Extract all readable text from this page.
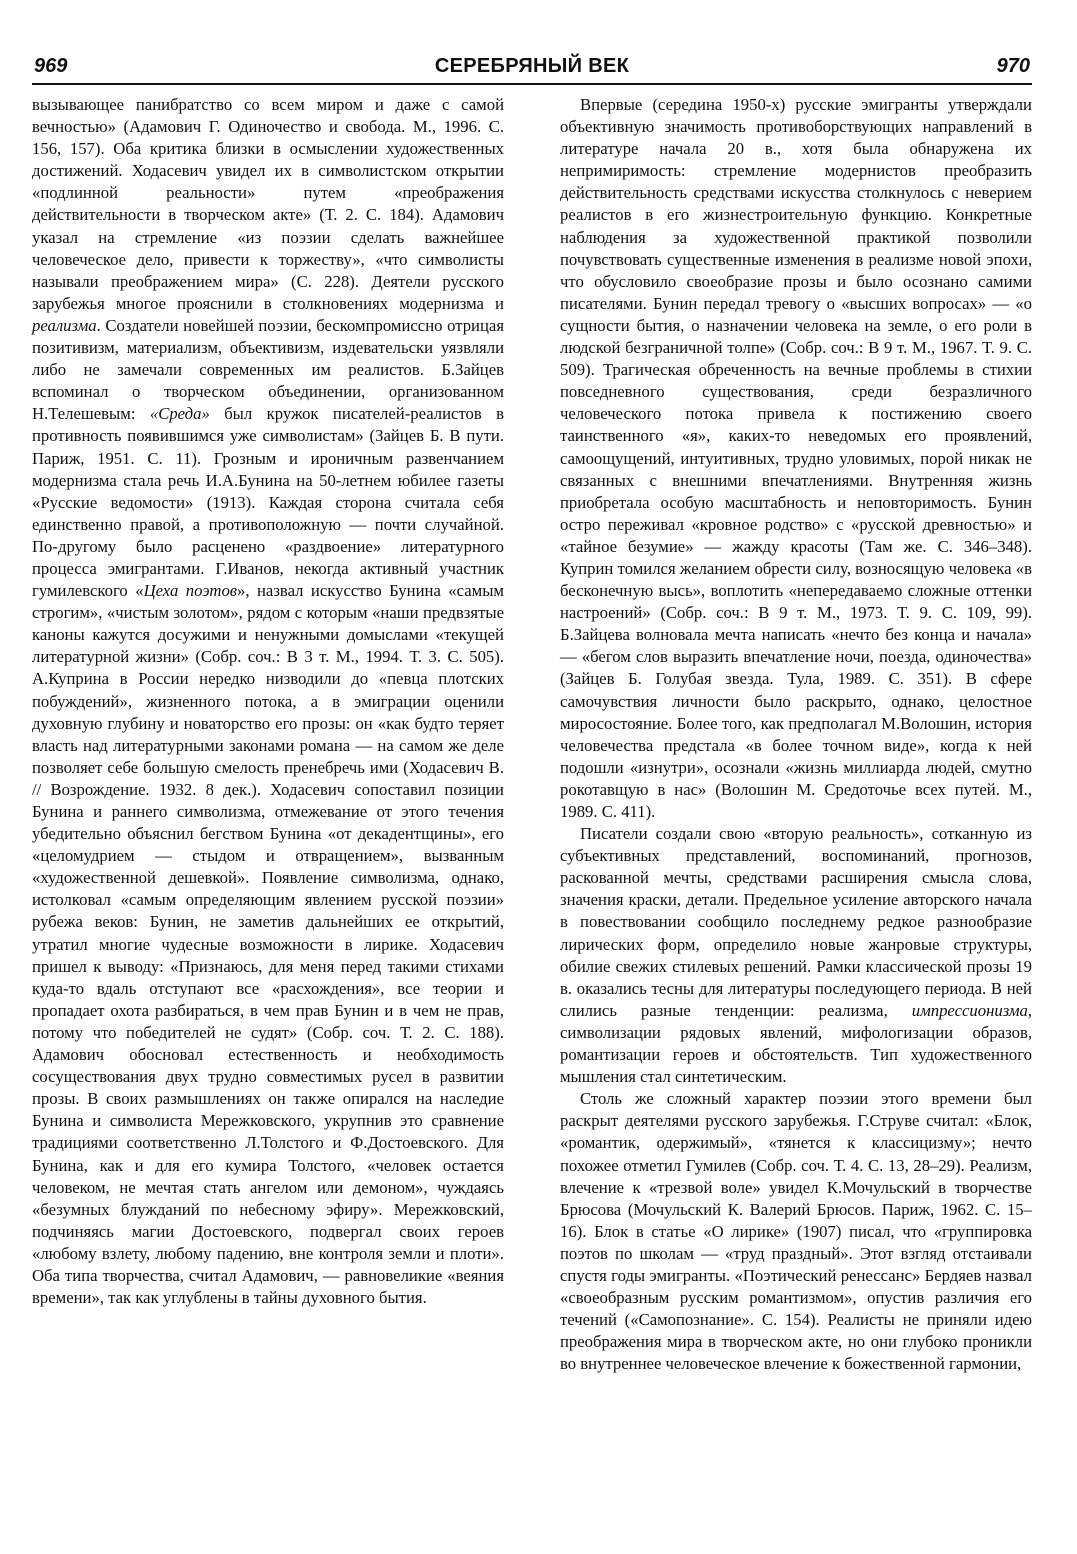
969	СЕРЕБРЯНЫЙ ВЕК	970

вызывающее панибратство со всем миром и даже с самой вечностью» (Адамович Г. Одиночество и свобода. М., 1996. С. 156, 157). Оба критика близки в осмыслении художественных достижений. Ходасевич увидел их в символистском открытии «подлинной реальности» путем «преображения действительности в творческом акте» (Т. 2. С. 184). Адамович указал на стремление «из поэзии сделать важнейшее человеческое дело, привести к торжеству», «что символисты называли преображением мира» (С. 228). Деятели русского зарубежья многое прояснили в столкновениях модернизма и реализма. Создатели новейшей поэзии, бескомпромиссно отрицая позитивизм, материализм, объективизм, издевательски уязвляли либо не замечали современных им реалистов. Б.Зайцев вспоминал о творческом объединении, организованном Н.Телешевым: «Среда» был кружок писателей-реалистов в противность появившимся уже символистам» (Зайцев Б. В пути. Париж, 1951. С. 11). Грозным и ироничным развенчанием модернизма стала речь И.А.Бунина на 50-летнем юбилее газеты «Русские ведомости» (1913). Каждая сторона считала себя единственно правой, а противоположную — почти случайной. По-другому было расценено «раздвоение» литературного процесса эмигрантами. Г.Иванов, некогда активный участник гумилевского «Цеха поэтов», назвал искусство Бунина «самым строгим», «чистым золотом», рядом с которым «наши предвзятые каноны кажутся досужими и ненужными домыслами «текущей литературной жизни» (Собр. соч.: В 3 т. М., 1994. Т. 3. С. 505). А.Куприна в России нередко низводили до «певца плотских побуждений», жизненного потока, а в эмиграции оценили духовную глубину и новаторство его прозы: он «как будто теряет власть над литературными законами романа — на самом же деле позволяет себе большую смелость пренебречь ими (Ходасевич В. // Возрождение. 1932. 8 дек.). Ходасевич сопоставил позиции Бунина и раннего символизма, отмежевание от этого течения убедительно объяснил бегством Бунина «от декадентщины», его «целомудрием — стыдом и отвращением», вызванным «художественной дешевкой». Появление символизма, однако, истолковал «самым определяющим явлением русской поэзии» рубежа веков: Бунин, не заметив дальнейших ее открытий, утратил многие чудесные возможности в лирике. Ходасевич пришел к выводу: «Признаюсь, для меня перед такими стихами куда-то вдаль отступают все «расхождения», все теории и пропадает охота разбираться, в чем прав Бунин и в чем не прав, потому что победителей не судят» (Собр. соч. Т. 2. С. 188). Адамович обосновал естественность и необходимость сосуществования двух трудно совместимых русел в развитии прозы. В своих размышлениях он также опирался на наследие Бунина и символиста Мережковского, укрупнив это сравнение традициями соответственно Л.Толстого и Ф.Достоевского. Для Бунина, как и для его кумира Толстого, «человек остается человеком, не мечтая стать ангелом или демоном», чуждаясь «безумных блужданий по небесному эфиру». Мережковский, подчиняясь магии Достоевского, подвергал своих героев «любому взлету, любому падению, вне контроля земли и плоти». Оба типа творчества, считал Адамович, — равновеликие «веяния времени», так как углублены в тайны духовного бытия.

Впервые (середина 1950-х) русские эмигранты утверждали объективную значимость противоборствующих направлений в литературе начала 20 в., хотя была обнаружена их непримиримость: стремление модернистов преобразить действительность средствами искусства столкнулось с неверием реалистов в его жизнестроительную функцию. Конкретные наблюдения за художественной практикой позволили почувствовать существенные изменения в реализме новой эпохи, что обусловило своеобразие прозы и было осознано самими писателями. Бунин передал тревогу о «высших вопросах» — «о сущности бытия, о назначении человека на земле, о его роли в людской безграничной толпе» (Собр. соч.: В 9 т. М., 1967. Т. 9. С. 509). Трагическая обреченность на вечные проблемы в стихии повседневного существования, среди безразличного человеческого потока привела к постижению своего таинственного «я», каких-то неведомых его проявлений, самоощущений, интуитивных, трудно уловимых, порой никак не связанных с внешними впечатлениями. Внутренняя жизнь приобретала особую масштабность и неповторимость. Бунин остро переживал «кровное родство» с «русской древностью» и «тайное безумие» — жажду красоты (Там же. С. 346–348). Куприн томился желанием обрести силу, возносящую человека «в бесконечную высь», воплотить «непередаваемо сложные оттенки настроений» (Собр. соч.: В 9 т. М., 1973. Т. 9. С. 109, 99). Б.Зайцева волновала мечта написать «нечто без конца и начала» — «бегом слов выразить впечатление ночи, поезда, одиночества» (Зайцев Б. Голубая звезда. Тула, 1989. С. 351). В сфере самочувствия личности было раскрыто, однако, целостное миросостояние. Более того, как предполагал М.Волошин, история человечества предстала «в более точном виде», когда к ней подошли «изнутри», осознали «жизнь миллиарда людей, смутно рокотавщую в нас» (Волошин М. Средоточье всех путей. М., 1989. С. 411).

Писатели создали свою «вторую реальность», сотканную из субъективных представлений, воспоминаний, прогнозов, раскованной мечты, средствами расширения смысла слова, значения краски, детали. Предельное усиление авторского начала в повествовании сообщило последнему редкое разнообразие лирических форм, определило новые жанровые структуры, обилие свежих стилевых решений. Рамки классической прозы 19 в. оказались тесны для литературы последующего периода. В ней слились разные тенденции: реализма, импрессионизма, символизации рядовых явлений, мифологизации образов, романтизации героев и обстоятельств. Тип художественного мышления стал синтетическим.

Столь же сложный характер поэзии этого времени был раскрыт деятелями русского зарубежья. Г.Струве считал: «Блок, «романтик, одержимый», «тянется к классицизму»; нечто похожее отметил Гумилев (Собр. соч. Т. 4. С. 13, 28–29). Реализм, влечение к «трезвой воле» увидел К.Мочульский в творчестве Брюсова (Мочульский К. Валерий Брюсов. Париж, 1962. С. 15–16). Блок в статье «О лирике» (1907) писал, что «группировка поэтов по школам — «труд праздный». Этот взгляд отстаивали спустя годы эмигранты. «Поэтический ренессанс» Бердяев назвал «своеобразным русским романтизмом», опустив различия его течений («Самопознание». С. 154). Реалисты не приняли идею преображения мира в творческом акте, но они глубоко проникли во внутреннее человеческое влечение к божественной гармонии,
